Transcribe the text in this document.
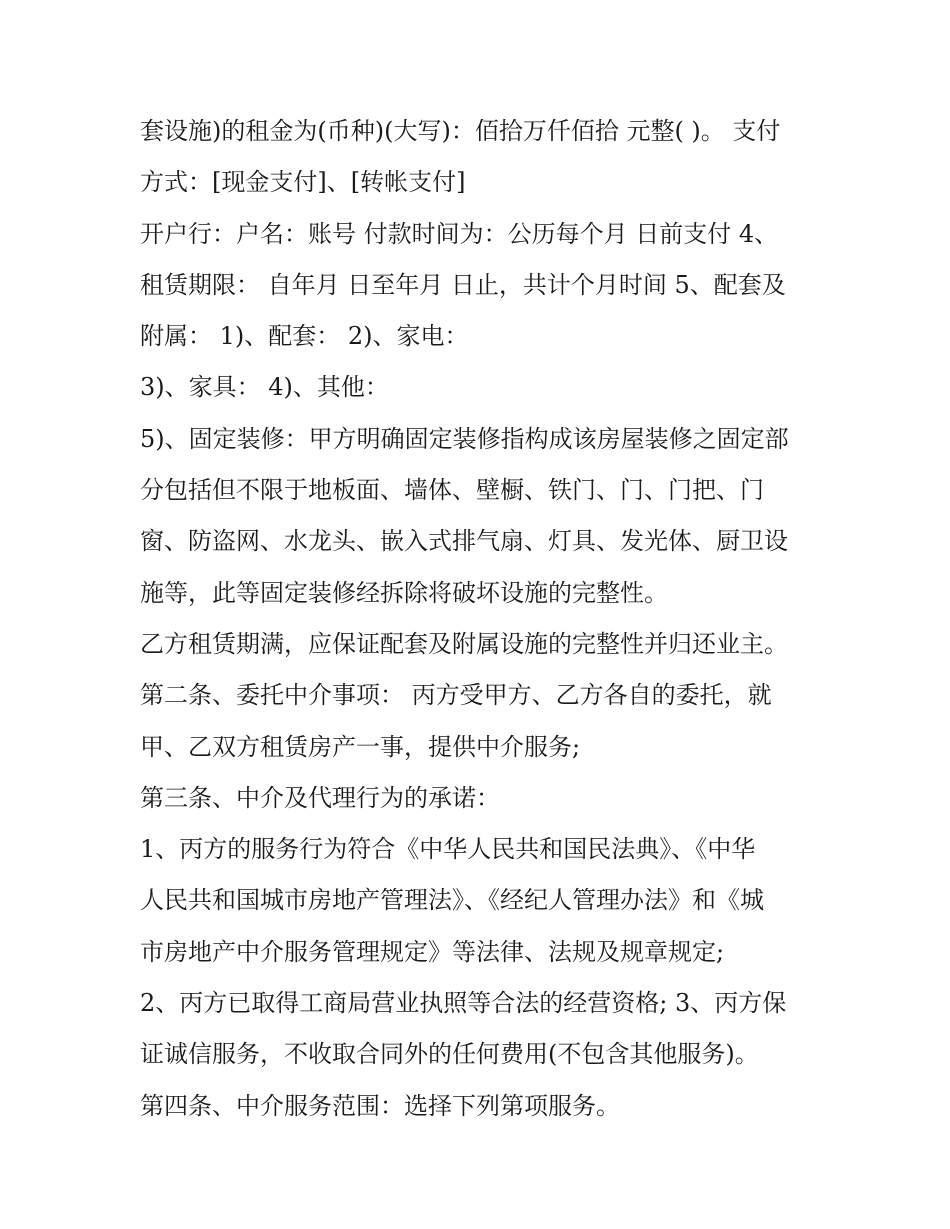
套设施)的租金为(币种)(大写)：佰拾万仟佰拾 元整( )。 支付
方式：[现金支付]、[转帐支付]
开户行：户名：账号 付款时间为：公历每个月 日前支付 4、
租赁期限： 自年月 日至年月 日止，共计个月时间 5、配套及
附属： 1)、配套： 2)、家电：
3)、家具： 4)、其他：
5)、固定装修：甲方明确固定装修指构成该房屋装修之固定部
分包括但不限于地板面、墙体、壁橱、铁门、门、门把、门
窗、防盗网、水龙头、嵌入式排气扇、灯具、发光体、厨卫设
施等，此等固定装修经拆除将破坏设施的完整性。
乙方租赁期满，应保证配套及附属设施的完整性并归还业主。
第二条、委托中介事项： 丙方受甲方、乙方各自的委托，就
甲、乙双方租赁房产一事，提供中介服务;
第三条、中介及代理行为的承诺：
1、丙方的服务行为符合《中华人民共和国民法典》、《中华
人民共和国城市房地产管理法》、《经纪人管理办法》和《城
市房地产中介服务管理规定》等法律、法规及规章规定;
2、丙方已取得工商局营业执照等合法的经营资格; 3、丙方保
证诚信服务，不收取合同外的任何费用(不包含其他服务)。
第四条、中介服务范围：选择下列第项服务。
